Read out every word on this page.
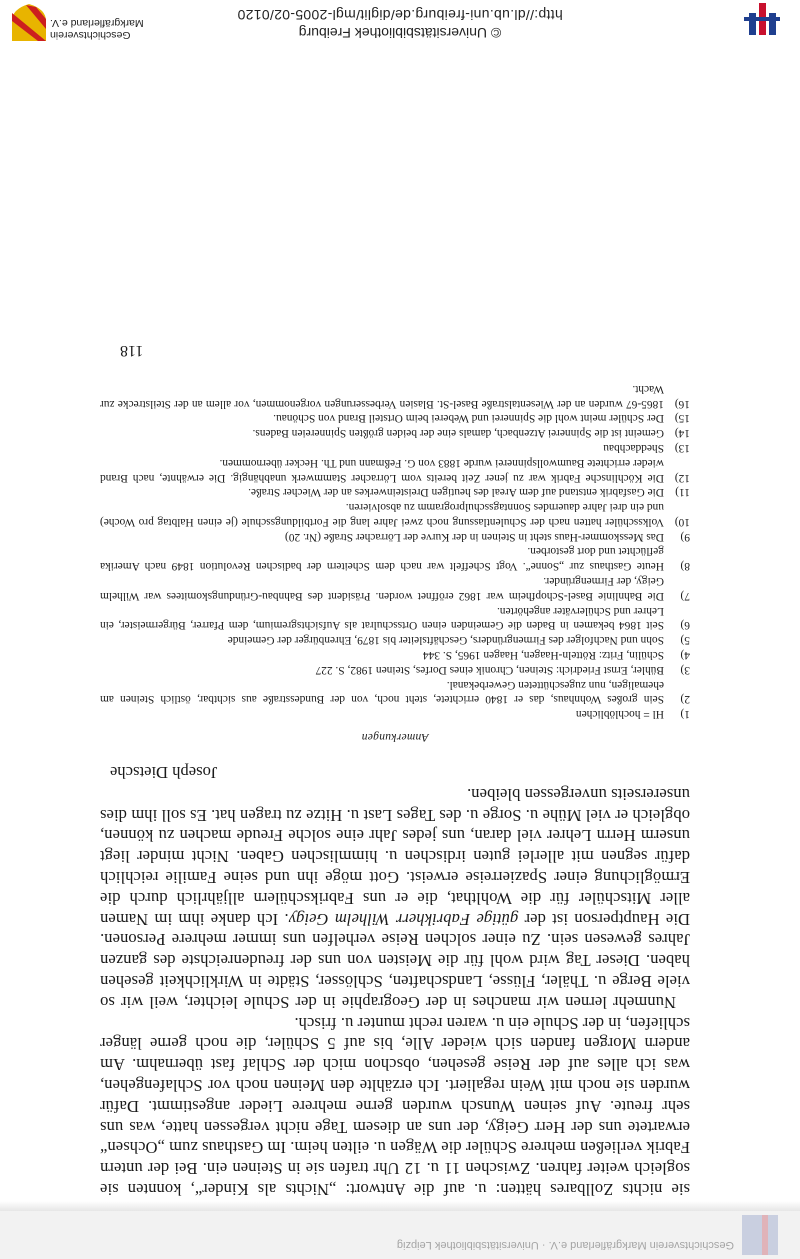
Geschichtsverein Markgräflerland e.V. · Universitätsbibliothek Leipzig

sie nichts Zollbares hätten: u. auf die Antwort: „Nichts als Kinder“, konnten sie sogleich weiter fahren. Zwischen 11 u. 12 Uhr trafen sie in Steinen ein. Bei der untern Fabrik verließen mehrere Schüler die Wägen u. eilten heim. Im Gasthaus zum „Ochsen“ erwartete uns der Herr Geigy, der uns an diesem Tage nicht vergessen hatte, was uns sehr freute. Auf seinen Wunsch wurden gerne mehrere Lieder angestimmt. Dafür wurden sie noch mit Wein regaliert. Ich erzählte den Meinen noch vor Schlafengehen, was ich alles auf der Reise gesehen, obschon mich der Schlaf fast übernahm. Am andern Morgen fanden sich wieder Alle, bis auf 5 Schüler, die noch gerne länger schliefen, in der Schule ein u. waren recht munter u. frisch.

Nunmehr lernen wir manches in der Geographie in der Schule leichter, weil wir so viele Berge u. Thäler, Flüsse, Landschaften, Schlösser, Städte in Wirklichkeit gesehen haben. Dieser Tag wird wohl für die Meisten von uns der freudenreichste des ganzen Jahres gewesen sein. Zu einer solchen Reise verhelfen uns immer mehrere Personen. Die Hauptperson ist der gütige Fabrikherr Wilhelm Geigy. Ich danke ihm im Namen aller Mitschüler für die Wohlthat, die er uns Fabrikschülern alljährlich durch die Ermöglichung einer Spazierreise erweist. Gott möge ihn und seine Familie reichlich dafür segnen mit allerlei guten irdischen u. himmlischen Gaben. Nicht minder liegt unserm Herrn Lehrer viel daran, uns jedes Jahr eine solche Freude machen zu können, obgleich er viel Mühe u. Sorge u. des Tages Last u. Hitze zu tragen hat. Es soll ihm dies unsererseits unvergessen bleiben.

Joseph Dietsche
Anmerkungen
1)
Hl = hochlöblichen
2)
Sein großes Wohnhaus, das er 1840 errichtete, steht noch, von der Bundesstraße aus sichtbar, östlich Steinen am ehemaligen, nun zugeschütteten Gewerbekanal.
3)
Bühler, Ernst Friedrich: Steinen, Chronik eines Dorfes, Steinen 1982, S. 227
4)
Schülin, Fritz: Rötteln-Haagen, Haagen 1965, S. 344
5)
Sohn und Nachfolger des Firmengründers, Geschäftsleiter bis 1879, Ehrenbürger der Gemeinde
6)
Seit 1864 bekamen in Baden die Gemeinden einen Ortsschulrat als Aufsichtsgremium, dem Pfarrer, Bürgermeister, ein Lehrer und Schülerväter angehörten.
7)
Die Bahnlinie Basel-Schopfheim war 1862 eröffnet worden. Präsident des Bahnbau-Gründungskomitees war Wilhelm Geigy, der Firmengründer.
8)
Heute Gasthaus zur „Sonne“. Vogt Scheffelt war nach dem Scheitern der badischen Revolution 1849 nach Amerika geflüchtet und dort gestorben.
9)
Das Messkommer-Haus steht in Steinen in der Kurve der Lörracher Straße (Nr. 20)
10)
Volksschüler hatten nach der Schulentlassung noch zwei Jahre lang die Fortbildungsschule (je einen Halbtag pro Woche) und ein drei Jahre dauerndes Sonntagsschulprogramm zu absolvieren.
11)
Die Gasfabrik entstand auf dem Areal des heutigen Dreisteinwerkes an der Wiecher Straße.
12)
Die Köchlinsche Fabrik war zu jener Zeit bereits vom Lörracher Stammwerk unabhängig. Die erwähnte, nach Brand wieder errichtete Baumwollspinnerei wurde 1883 von G. Feßmann und Th. Hecker übernommen.
13)
Sheddachbau
14)
Gemeint ist die Spinnerei Atzenbach, damals eine der beiden größten Spinnereien Badens.
15)
Der Schüler meint wohl die Spinnerei und Weberei beim Ortsteil Brand von Schönau.
16)
1865-67 wurden an der Wiesentalstraße Basel-St. Blasien Verbesserungen vorgenommen, vor allem an der Steilstrecke zur Wacht.
118
© Universitätsbibliothek Freiburg
http://dl.ub.uni-freiburg.de/diglit/mgl-2005-02/0120
Geschichtsverein
Markgräflerland e.V.
